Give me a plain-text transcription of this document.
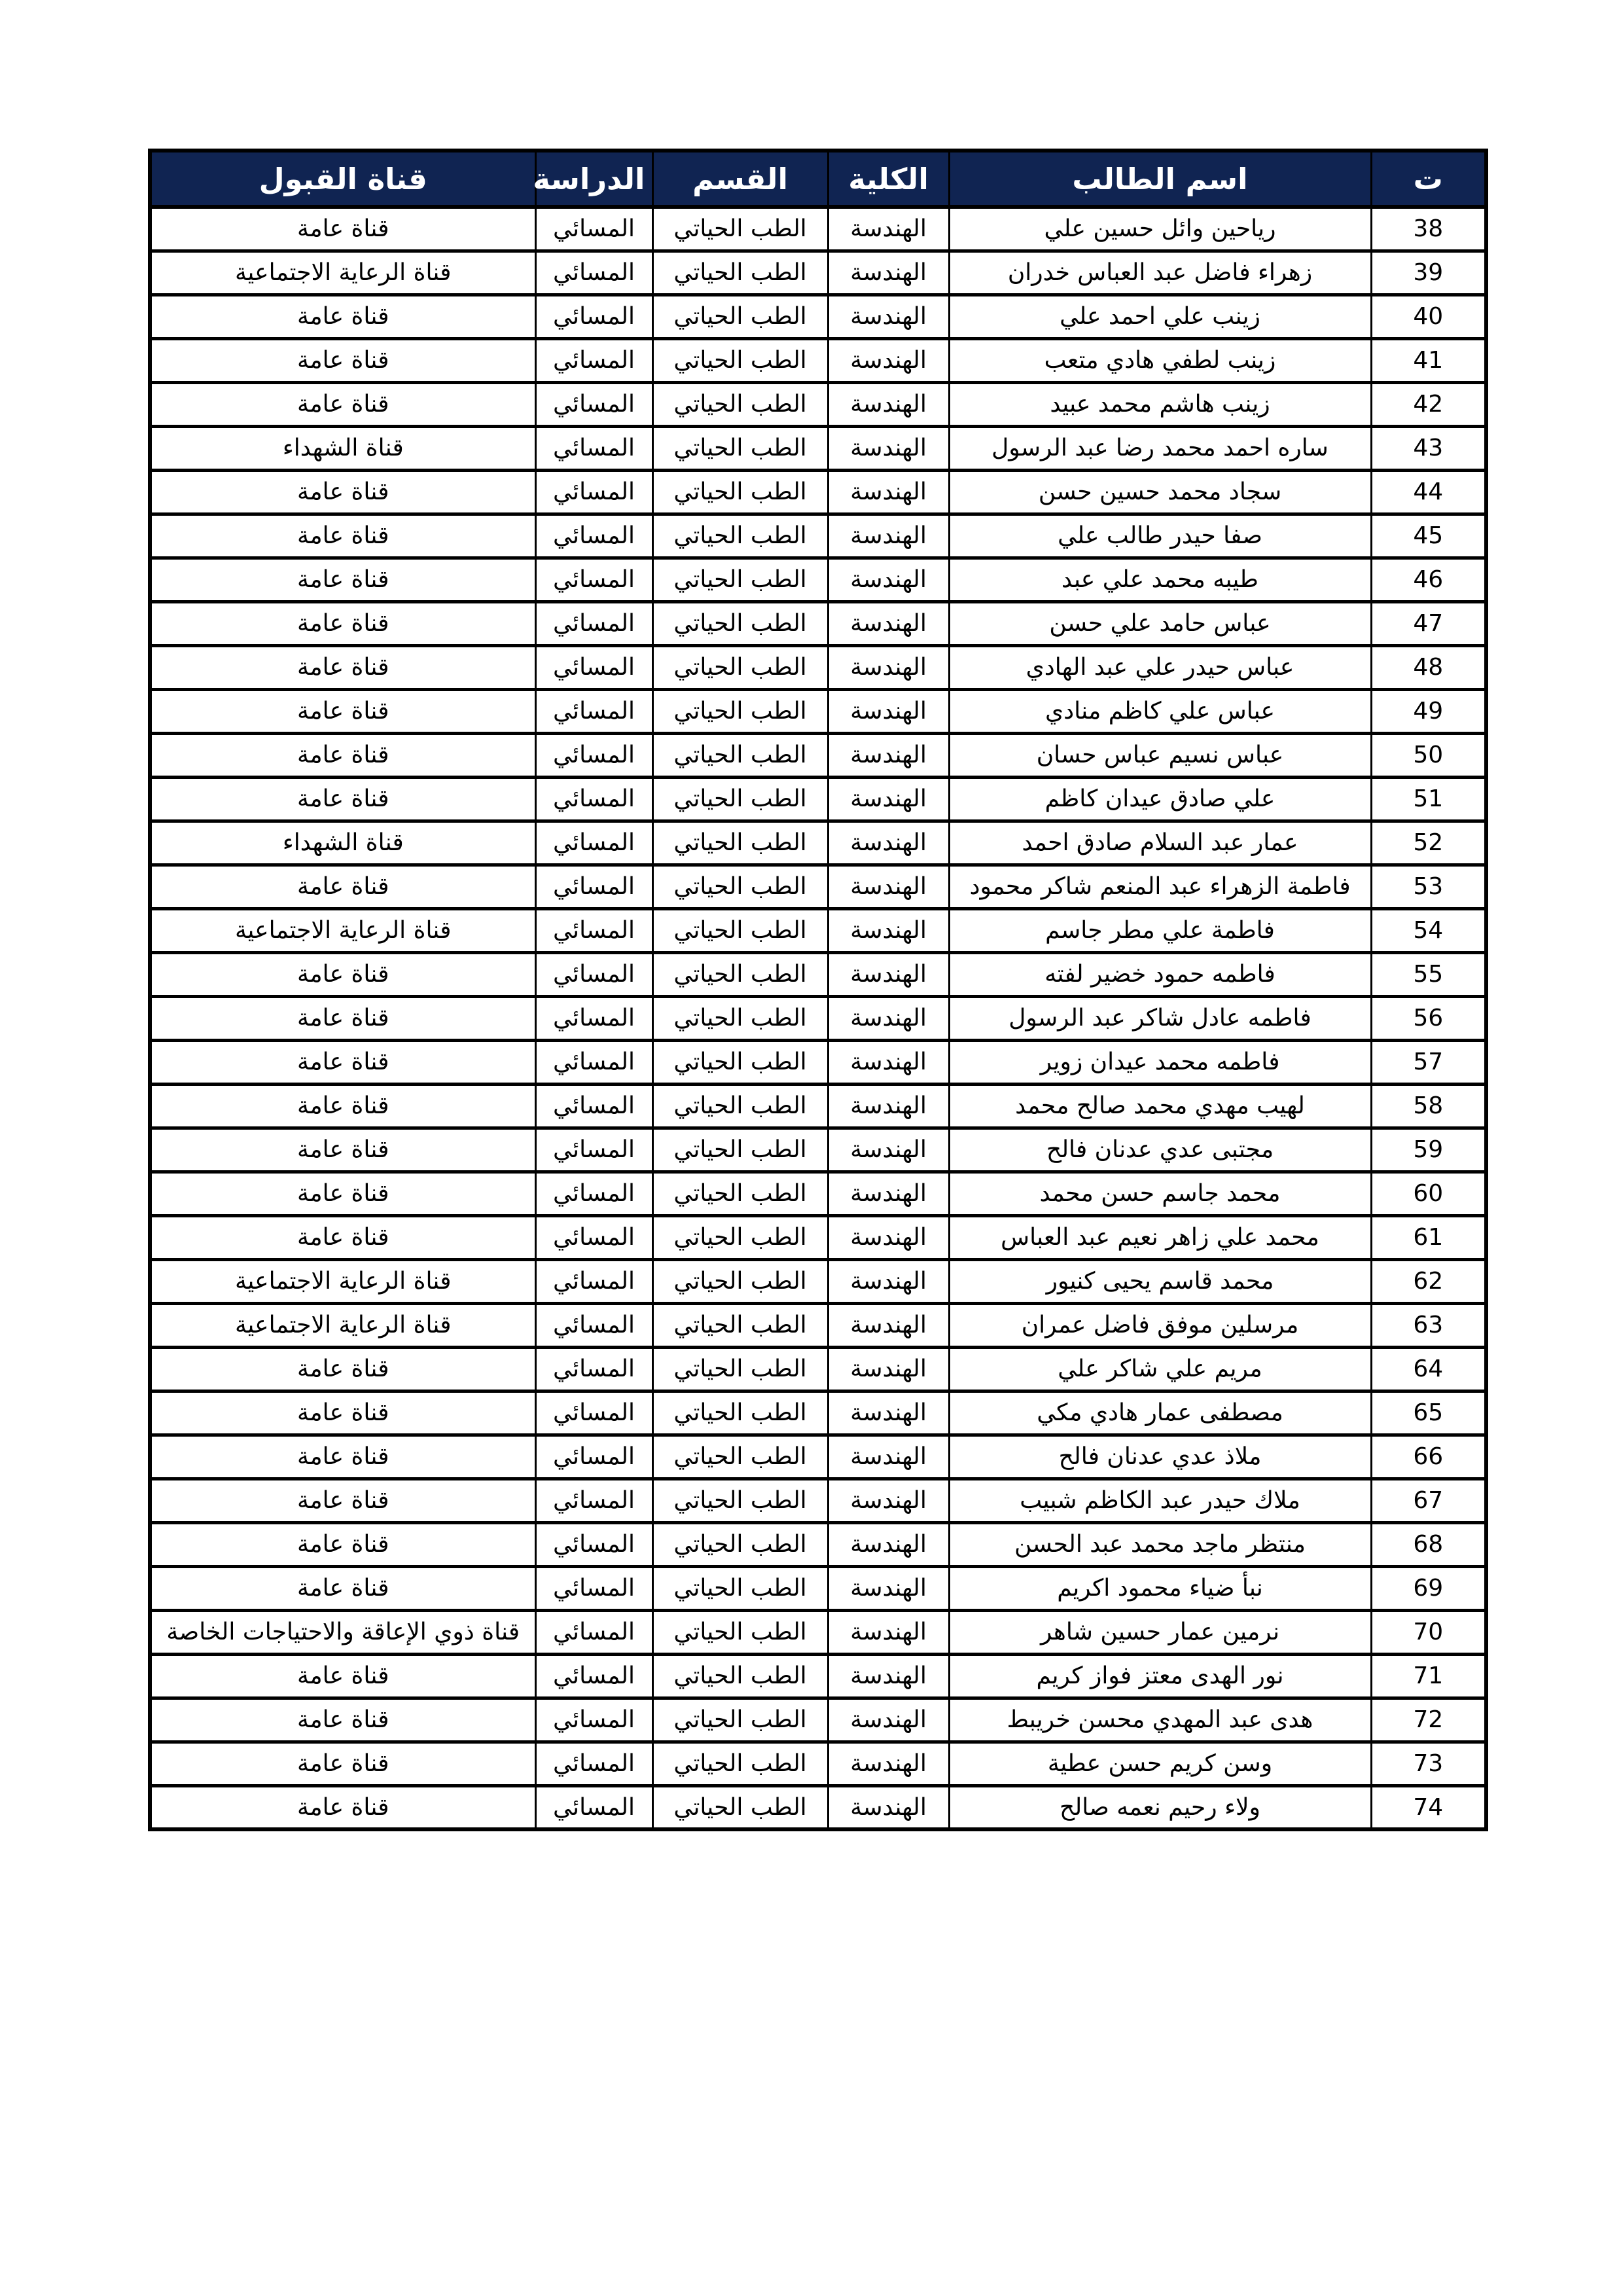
ت	اسم الطالب	الكلية	القسم	الدراسة	قناة القبول
38	رياحين وائل حسين علي	الهندسة	الطب الحياتي	المسائي	قناة عامة
39	زهراء فاضل عبد العباس خدران	الهندسة	الطب الحياتي	المسائي	قناة الرعاية الاجتماعية
40	زينب علي احمد علي	الهندسة	الطب الحياتي	المسائي	قناة عامة
41	زينب لطفي هادي متعب	الهندسة	الطب الحياتي	المسائي	قناة عامة
42	زينب هاشم محمد عبيد	الهندسة	الطب الحياتي	المسائي	قناة عامة
43	ساره احمد محمد رضا عبد الرسول	الهندسة	الطب الحياتي	المسائي	قناة الشهداء
44	سجاد محمد حسين حسن	الهندسة	الطب الحياتي	المسائي	قناة عامة
45	صفا حيدر طالب علي	الهندسة	الطب الحياتي	المسائي	قناة عامة
46	طيبه محمد علي عبد	الهندسة	الطب الحياتي	المسائي	قناة عامة
47	عباس حامد علي حسن	الهندسة	الطب الحياتي	المسائي	قناة عامة
48	عباس حيدر علي عبد الهادي	الهندسة	الطب الحياتي	المسائي	قناة عامة
49	عباس علي كاظم منادي	الهندسة	الطب الحياتي	المسائي	قناة عامة
50	عباس نسيم عباس حسان	الهندسة	الطب الحياتي	المسائي	قناة عامة
51	علي صادق عيدان كاظم	الهندسة	الطب الحياتي	المسائي	قناة عامة
52	عمار عبد السلام صادق احمد	الهندسة	الطب الحياتي	المسائي	قناة الشهداء
53	فاطمة الزهراء عبد المنعم شاكر محمود	الهندسة	الطب الحياتي	المسائي	قناة عامة
54	فاطمة علي مطر جاسم	الهندسة	الطب الحياتي	المسائي	قناة الرعاية الاجتماعية
55	فاطمه حمود خضير لفته	الهندسة	الطب الحياتي	المسائي	قناة عامة
56	فاطمه عادل شاكر عبد الرسول	الهندسة	الطب الحياتي	المسائي	قناة عامة
57	فاطمه محمد عيدان زوير	الهندسة	الطب الحياتي	المسائي	قناة عامة
58	لهيب مهدي محمد صالح محمد	الهندسة	الطب الحياتي	المسائي	قناة عامة
59	مجتبى عدي عدنان فالح	الهندسة	الطب الحياتي	المسائي	قناة عامة
60	محمد جاسم حسن محمد	الهندسة	الطب الحياتي	المسائي	قناة عامة
61	محمد علي زاهر نعيم عبد العباس	الهندسة	الطب الحياتي	المسائي	قناة عامة
62	محمد قاسم يحيى كنيور	الهندسة	الطب الحياتي	المسائي	قناة الرعاية الاجتماعية
63	مرسلين موفق فاضل عمران	الهندسة	الطب الحياتي	المسائي	قناة الرعاية الاجتماعية
64	مريم علي شاكر علي	الهندسة	الطب الحياتي	المسائي	قناة عامة
65	مصطفى عمار هادي مكي	الهندسة	الطب الحياتي	المسائي	قناة عامة
66	ملاذ عدي عدنان فالح	الهندسة	الطب الحياتي	المسائي	قناة عامة
67	ملاك حيدر عبد الكاظم شبيب	الهندسة	الطب الحياتي	المسائي	قناة عامة
68	منتظر ماجد محمد عبد الحسن	الهندسة	الطب الحياتي	المسائي	قناة عامة
69	نبأ ضياء محمود اكريم	الهندسة	الطب الحياتي	المسائي	قناة عامة
70	نرمين عمار حسين شاهر	الهندسة	الطب الحياتي	المسائي	قناة ذوي الإعاقة والاحتياجات الخاصة
71	نور الهدى معتز فواز كريم	الهندسة	الطب الحياتي	المسائي	قناة عامة
72	هدى عبد المهدي محسن خريبط	الهندسة	الطب الحياتي	المسائي	قناة عامة
73	وسن كريم حسن عطية	الهندسة	الطب الحياتي	المسائي	قناة عامة
74	ولاء رحيم نعمه صالح	الهندسة	الطب الحياتي	المسائي	قناة عامة
